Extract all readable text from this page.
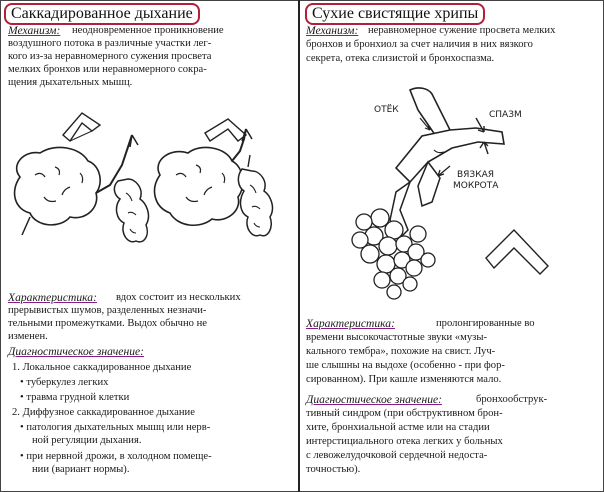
Саккадированное дыхание
Механизм: неодновременное проникновение
воздушного потока в различные участки лег-
кого из-за неравномерного сужения просвета
мелких бронхов или неравномерного сокра-
щения дыхательных мышц.
Характеристика: вдох состоит из нескольких
прерывистых шумов, разделенных незначи-
тельными промежутками. Выдох обычно не
изменен.
Диагностическое значение:
1. Локальное саккадированное дыхание
• туберкулез легких
• травма грудной клетки
2. Диффузное саккадированное дыхание
• патология дыхательных мышц или нерв-
ной регуляции дыхания.
• при нервной дрожи, в холодном помеще-
нии (вариант нормы).
Сухие свистящие хрипы
Механизм: неравномерное сужение просвета мелких
бронхов и бронхиол за счет наличия в них вязкого
секрета, отека слизистой и бронхоспазма.
ОТЁК	СПАЗМ
ВЯЗКАЯ
МОКРОТА
Характеристика:	пролонгированные во
времени высокочастотные звуки «музы-
кального тембра», похожие на свист. Луч-
ше слышны на выдохе (особенно - при фор-
сированном). При кашле изменяются мало.
Диагностическое значение:	бронхообструк-
тивный синдром (при обструктивном брон-
хите, бронхиальной астме или на стадии
интерстициального отека легких у больных
с левожелудочковой сердечной недоста-
точностью).
